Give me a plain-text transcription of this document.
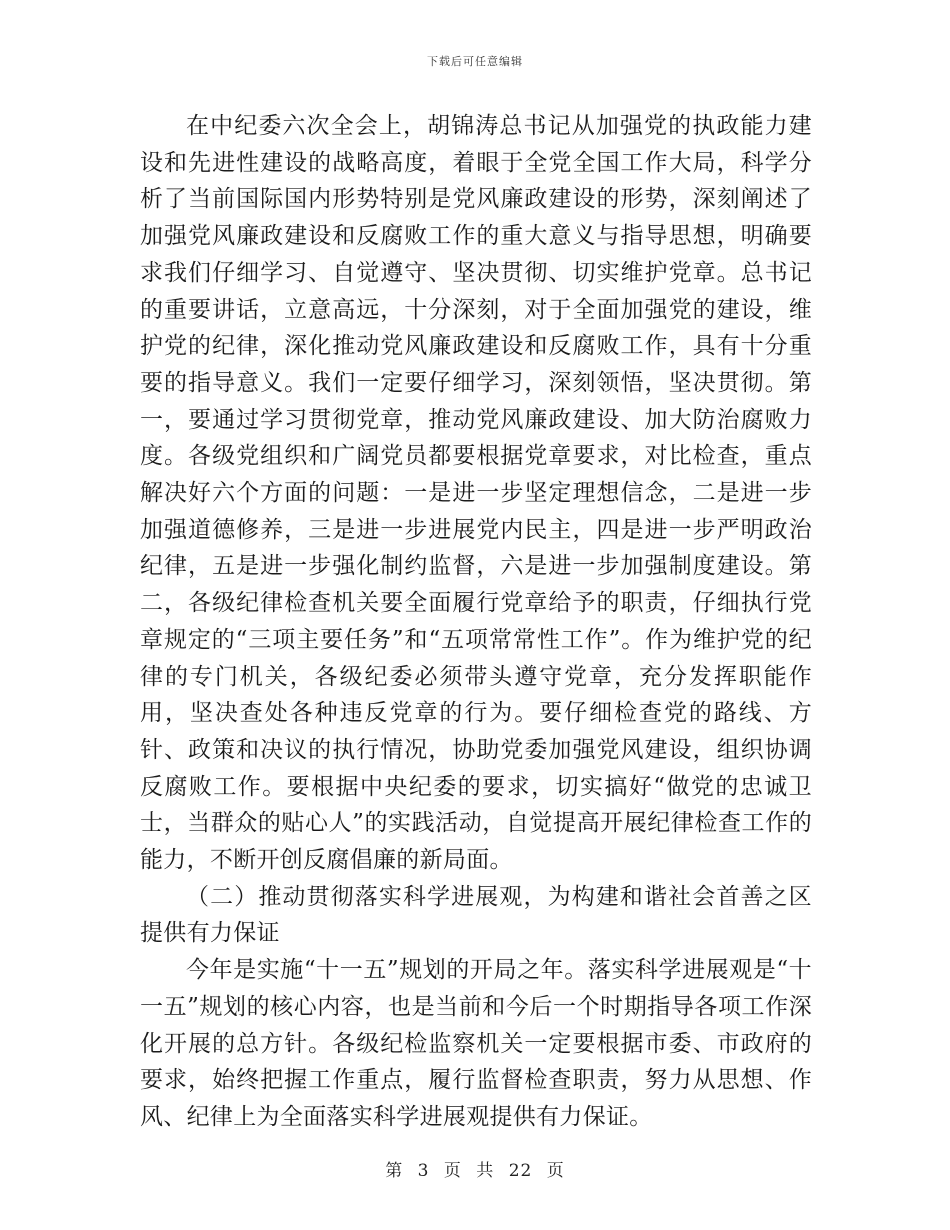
下载后可任意编辑

在中纪委六次全会上，胡锦涛总书记从加强党的执政能力建设和先进性建设的战略高度，着眼于全党全国工作大局，科学分析了当前国际国内形势特别是党风廉政建设的形势，深刻阐述了加强党风廉政建设和反腐败工作的重大意义与指导思想，明确要求我们仔细学习、自觉遵守、坚决贯彻、切实维护党章。总书记的重要讲话，立意高远，十分深刻，对于全面加强党的建设，维护党的纪律，深化推动党风廉政建设和反腐败工作，具有十分重要的指导意义。我们一定要仔细学习，深刻领悟，坚决贯彻。第一，要通过学习贯彻党章，推动党风廉政建设、加大防治腐败力度。各级党组织和广阔党员都要根据党章要求，对比检查，重点解决好六个方面的问题：一是进一步坚定理想信念，二是进一步加强道德修养，三是进一步进展党内民主，四是进一步严明政治纪律，五是进一步强化制约监督，六是进一步加强制度建设。第二，各级纪律检查机关要全面履行党章给予的职责，仔细执行党章规定的“三项主要任务”和“五项常常性工作”。作为维护党的纪律的专门机关，各级纪委必须带头遵守党章，充分发挥职能作用，坚决查处各种违反党章的行为。要仔细检查党的路线、方针、政策和决议的执行情况，协助党委加强党风建设，组织协调反腐败工作。要根据中央纪委的要求，切实搞好“做党的忠诚卫士，当群众的贴心人”的实践活动，自觉提高开展纪律检查工作的能力，不断开创反腐倡廉的新局面。

（二）推动贯彻落实科学进展观，为构建和谐社会首善之区提供有力保证

今年是实施“十一五”规划的开局之年。落实科学进展观是“十一五”规划的核心内容，也是当前和今后一个时期指导各项工作深化开展的总方针。各级纪检监察机关一定要根据市委、市政府的要求，始终把握工作重点，履行监督检查职责，努力从思想、作风、纪律上为全面落实科学进展观提供有力保证。

第 3 页 共 22 页
